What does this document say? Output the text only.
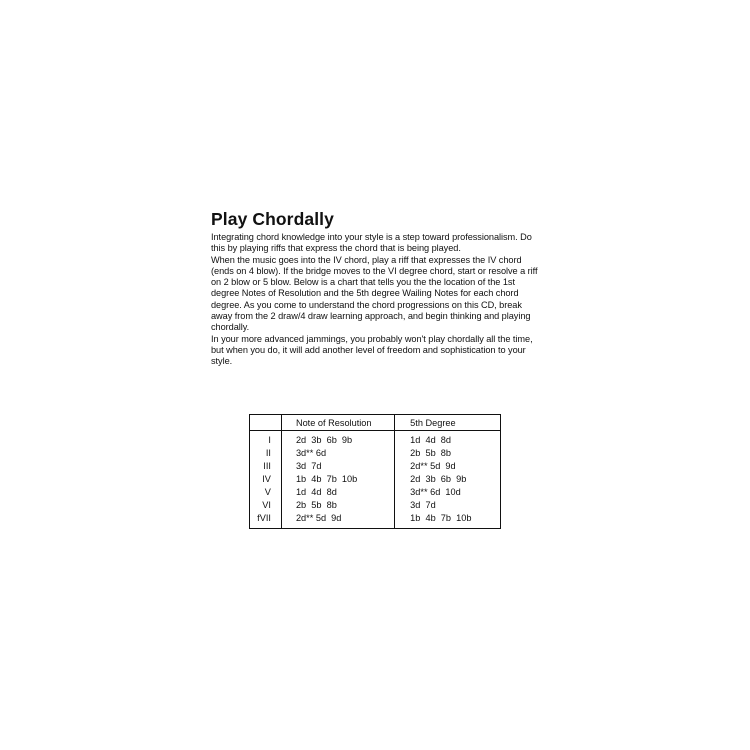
Play Chordally

Integrating chord knowledge into your style is a step toward professionalism. Do this by playing riffs that express the chord that is being played.

When the music goes into the IV chord, play a riff that expresses the IV chord (ends on 4 blow). If the bridge moves to the VI degree chord, start or resolve a riff on 2 blow or 5 blow. Below is a chart that tells you the the location of the 1st degree Notes of Resolution and the 5th degree Wailing Notes for each chord degree. As you come to understand the chord progressions on this CD, break away from the 2 draw/4 draw learning approach, and begin thinking and playing chordally.

In your more advanced jammings, you probably won't play chordally all the time, but when you do, it will add another level of freedom and sophistication to your style.

	Note of Resolution	5th Degree
I	2d  3b  6b  9b	1d  4d  8d
II	3d** 6d	2b  5b  8b
III	3d  7d	2d** 5d  9d
IV	1b  4b  7b  10b	2d  3b  6b  9b
V	1d  4d  8d	3d** 6d  10d
VI	2b  5b  8b	3d  7d
fVII	2d** 5d  9d	1b  4b  7b  10b
